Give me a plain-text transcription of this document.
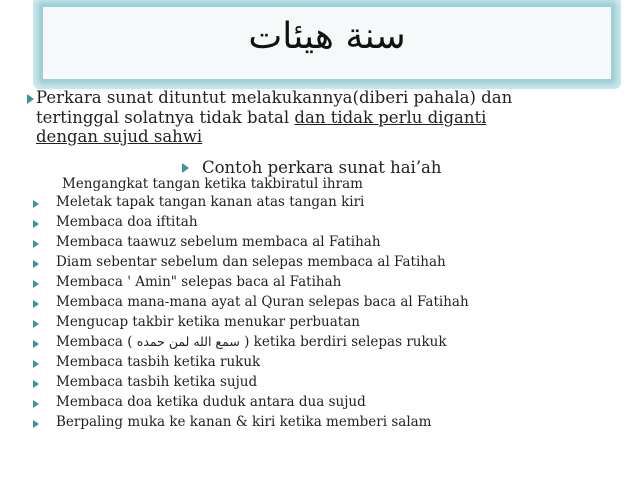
سنة هيئات
Perkara sunat dituntut melakukannya(diberi pahala) dan
tertinggal solatnya tidak batal dan tidak perlu diganti
dengan sujud sahwi
Contoh perkara sunat hai’ah
Mengangkat tangan ketika takbiratul ihram
Meletak tapak tangan kanan atas tangan kiri
Membaca doa iftitah
Membaca taawuz sebelum membaca al Fatihah
Diam sebentar sebelum dan selepas membaca al Fatihah
Membaca ' Amin" selepas baca al Fatihah
Membaca mana-mana ayat al Quran selepas baca al Fatihah
Mengucap takbir ketika menukar perbuatan
Membaca ( سمع الله لمن حمده ) ketika berdiri selepas rukuk
Membaca tasbih ketika rukuk
Membaca tasbih ketika sujud
Membaca doa ketika duduk antara dua sujud
Berpaling muka ke kanan & kiri ketika memberi salam
